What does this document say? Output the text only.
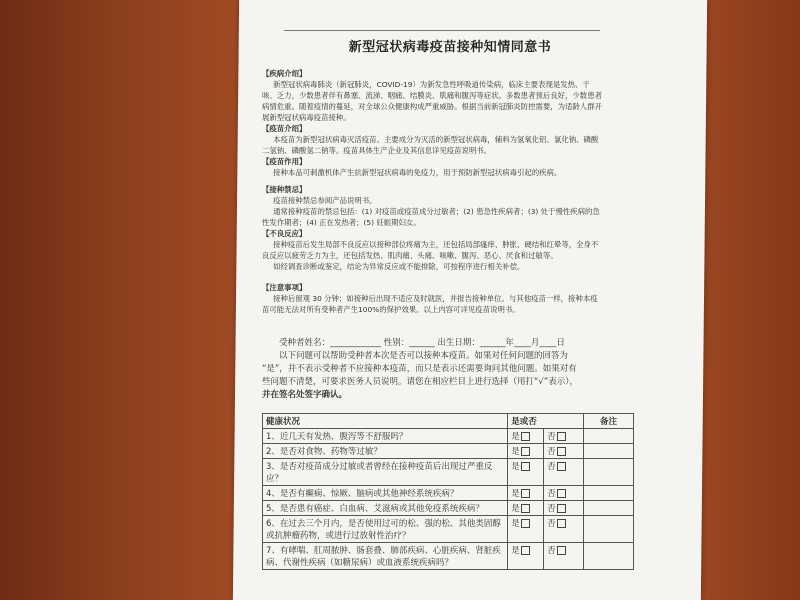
新型冠状病毒疫苗接种知情同意书
【疾病介绍】

新型冠状病毒肺炎（新冠肺炎，COVID-19）为新发急性呼吸道传染病，临床主要表现是发热、干咳、乏力，少数患者伴有鼻塞、流涕、咽痛、结膜炎、肌痛和腹泻等症状。多数患者预后良好，少数患者病情危重。随着疫情的蔓延，对全球公众健康构成严重威胁。根据当前新冠肺炎防控需要，为适龄人群开展新型冠状病毒疫苗接种。

【疫苗介绍】

本疫苗为新型冠状病毒灭活疫苗。主要成分为灭活的新型冠状病毒，辅料为氢氧化铝、氯化钠、磷酸二氢钠、磷酸氢二钠等。疫苗具体生产企业及其信息详见疫苗说明书。

【疫苗作用】

接种本品可刺激机体产生抗新型冠状病毒的免疫力，用于预防新型冠状病毒引起的疾病。

【接种禁忌】

疫苗接种禁忌参阅产品说明书。

通常接种疫苗的禁忌包括：(1) 对疫苗或疫苗成分过敏者；(2) 患急性疾病者；(3) 处于慢性疾病的急性发作期者；(4) 正在发热者；(5) 妊娠期妇女。

【不良反应】

接种疫苗后发生局部不良反应以接种部位疼痛为主，还包括局部瘙痒、肿胀、硬结和红晕等，全身不良反应以疲劳乏力为主，还包括发热、肌肉痛、头痛、咳嗽、腹泻、恶心、厌食和过敏等。

如经调查诊断或鉴定，结论为异常反应或不能排除，可按程序进行相关补偿。

【注意事项】

接种后留观 30 分钟；如接种后出现不适应及时就医，并报告接种单位。与其他疫苗一样，接种本疫苗可能无法对所有受种者产生100%的保护效果。以上内容可详见疫苗说明书。

受种者姓名：____________ 性别：______ 出生日期：______年____月____日

以下问题可以帮助受种者本次是否可以接种本疫苗。如果对任何问题的回答为

“是”，并不表示受种者不应接种本疫苗，而只是表示还需要询问其他问题。如果对有

些问题不清楚，可要求医务人员说明。请您在相应栏目上进行选择（用打“√”表示），

并在签名处签字确认。

健康状况	是或否		备注
1、近几天有发热、腹泻等不舒服吗？	是	否	
2、是否对食物、药物等过敏？	是	否	
3、是否对疫苗成分过敏或者曾经在接种疫苗后出现过严重反应？	是	否	
4、是否有癫痫、惊厥、脑病或其他神经系统疾病？	是	否	
5、是否患有癌症、白血病、艾滋病或其他免疫系统疾病？	是	否	
6、在过去三个月内，是否使用过可的松、强的松、其他类固醇或抗肿瘤药物，或进行过放射性治疗？	是	否	
7、有哮喘、肛周脓肿、肠套叠、肺部疾病、心脏疾病、肾脏疾病、代谢性疾病（如糖尿病）或血液系统疾病吗？	是	否	
